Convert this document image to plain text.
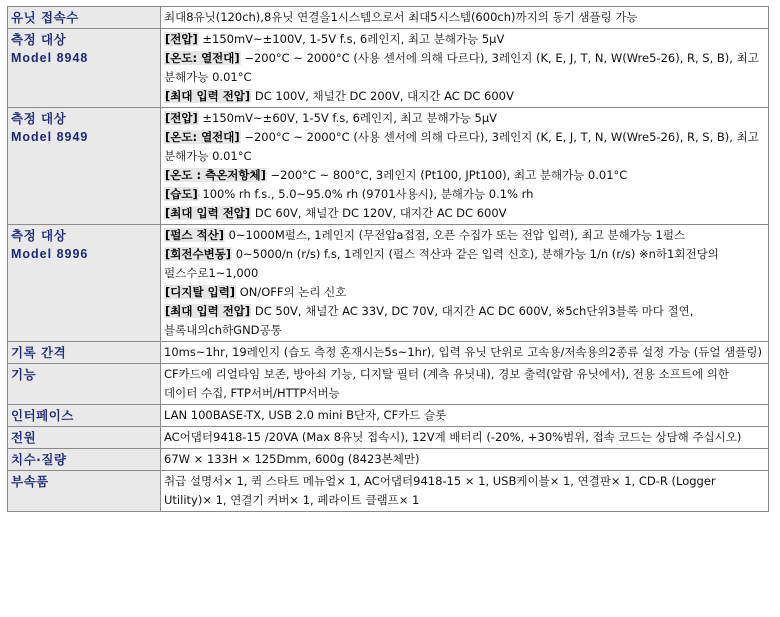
유닛 접속수	최대8유닛(120ch),8유닛 연결을1시스템으로서 최대5시스템(600ch)까지의 동기 샘플링 가능

측정 대상
Model 8948	[전압] ±150mV~±100V, 1-5V f.s, 6레인지, 최고 분해가능 5μV
[온도: 열전대] −200°C ~ 2000°C (사용 센서에 의해 다르다), 3레인지 (K, E, J, T, N, W(Wre5-26), R, S, B), 최고 분해가능 0.01°C
[최대 입력 전압] DC 100V, 채널간 DC 200V, 대지간 AC DC 600V

측정 대상
Model 8949	[전압] ±150mV~±60V, 1-5V f.s, 6레인지, 최고 분해가능 5μV
[온도: 열전대] −200°C ~ 2000°C (사용 센서에 의해 다르다), 3레인지 (K, E, J, T, N, W(Wre5-26), R, S, B), 최고 분해가능 0.01°C
[온도 : 측온저항체] −200°C ~ 800°C, 3레인지 (Pt100, JPt100), 최고 분해가능 0.01°C
[습도] 100% rh f.s., 5.0~95.0% rh (9701사용시), 분해가능 0.1% rh
[최대 입력 전압] DC 60V, 채널간 DC 120V, 대지간 AC DC 600V

측정 대상
Model 8996	[펄스 적산] 0~1000M펄스, 1레인지 (무전압a접점, 오픈 수집가 또는 전압 입력), 최고 분해가능 1펄스
[회전수변동] 0~5000/n (r/s) f.s, 1레인지 (펄스 적산과 같은 입력 신호), 분해가능 1/n (r/s) ※n하1회전당의 펄스수로1~1,000
[디지탈 입력] ON/OFF의 논리 신호
[최대 입력 전압] DC 50V, 채널간 AC 33V, DC 70V, 대지간 AC DC 600V, ※5ch단위3블록 마다 절연, 블록내의ch하GND공통

기록 간격	10ms~1hr, 19레인지 (습도 측정 혼재시는5s~1hr), 입력 유닛 단위로 고속용/저속용의2종류 설정 가능 (듀얼 샘플링)

기능	CF카드에 리얼타임 보존, 방아쇠 기능, 디지탈 필터 (계측 유닛내), 경보 출력(알람 유닛에서), 전용 소프트에 의한 데이터 수집, FTP서버/HTTP서버능

인터페이스	LAN 100BASE-TX, USB 2.0 mini B단자, CF카드 슬롯

전원	AC어댑터9418-15 /20VA (Max 8유닛 접속시), 12V계 배터리 (-20%, +30%범위, 접속 코드는 상담해 주십시오)

치수·질량	67W × 133H × 125Dmm, 600g (8423본체만)

부속품	취급 설명서× 1, 퀵 스타트 메뉴얼× 1, AC어댑터9418-15 × 1, USB케이블× 1, 연결판× 1, CD-R (Logger Utility)× 1, 연결기 커버× 1, 페라이트 클램프× 1
